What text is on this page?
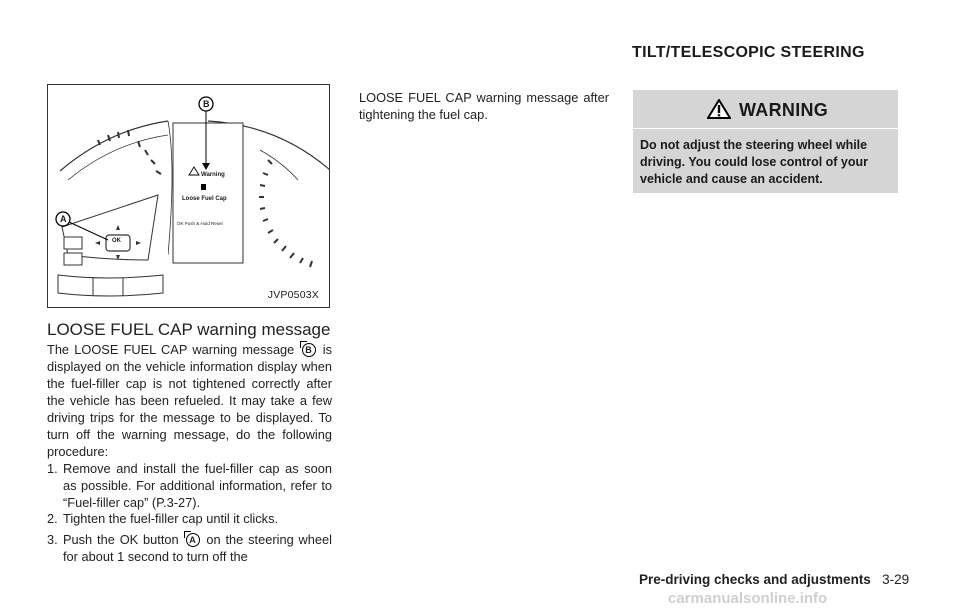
TILT/TELESCOPIC STEERING
B
A
Warning
Loose Fuel Cap
OK Push & Hold Reset
OK
JVP0503X
LOOSE FUEL CAP warning message
The LOOSE FUEL CAP warning message B is displayed on the vehicle information display when the fuel-filler cap is not tightened correctly after the vehicle has been refueled. It may take a few driving trips for the message to be displayed. To turn off the warning message, do the following procedure:
1. Remove and install the fuel-filler cap as soon as possible. For additional information, refer to “Fuel-filler cap” (P.3-27).
2. Tighten the fuel-filler cap until it clicks.
3. Push the OK button A on the steering wheel for about 1 second to turn off the
LOOSE FUEL CAP warning message after tightening the fuel cap.	WARNING
Do not adjust the steering wheel while driving. You could lose control of your vehicle and cause an accident.
Pre-driving checks and adjustments 3-29
carmanualsonline.info
